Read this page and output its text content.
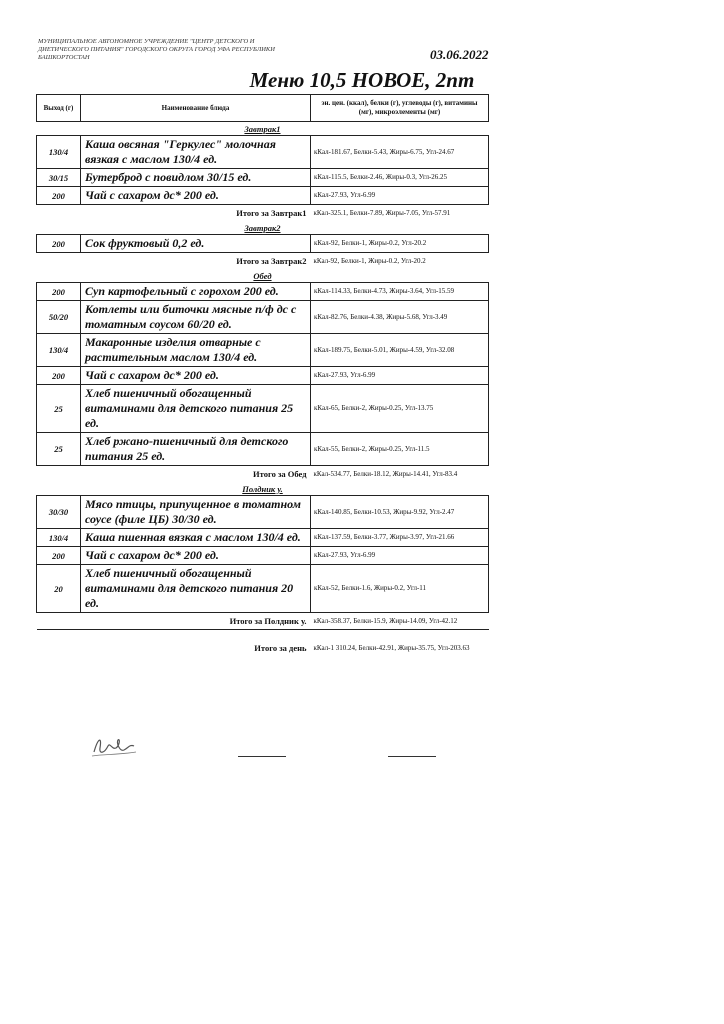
МУНИЦИПАЛЬНОЕ АВТОНОМНОЕ УЧРЕЖДЕНИЕ "ЦЕНТР ДЕТСКОГО И
ДИЕТИЧЕСКОГО ПИТАНИЯ" ГОРОДСКОГО ОКРУГА ГОРОД УФА РЕСПУБЛИКИ
БАШКОРТОСТАН	03.06.2022
Меню 10,5 НОВОЕ, 2пт
Выход (г)	Наименование блюда	эн. цен. (ккал), белки (г), углеводы (г), витамины (мг), микроэлементы (мг)
Завтрак1		
130/4	Каша овсяная "Геркулес" молочная вязкая с маслом 130/4 ед.	кКал-181.67, Белки-5.43, Жиры-6.75, Угл-24.67
30/15	Бутерброд с повидлом 30/15 ед.	кКал-115.5, Белки-2.46, Жиры-0.3, Угл-26.25
200	Чай с сахаром дс* 200 ед.	кКал-27.93, Угл-6.99
Итого за Завтрак1		кКал-325.1, Белки-7.89, Жиры-7.05, Угл-57.91
Завтрак2		
200	Сок фруктовый 0,2 ед.	кКал-92, Белки-1, Жиры-0.2, Угл-20.2
Итого за Завтрак2		кКал-92, Белки-1, Жиры-0.2, Угл-20.2
Обед		
200	Суп картофельный с горохом 200 ед.	кКал-114.33, Белки-4.73, Жиры-3.64, Угл-15.59
50/20	Котлеты или биточки мясные п/ф дс с томатным соусом 60/20 ед.	кКал-82.76, Белки-4.38, Жиры-5.68, Угл-3.49
130/4	Макаронные изделия отварные с растительным маслом 130/4 ед.	кКал-189.75, Белки-5.01, Жиры-4.59, Угл-32.08
200	Чай с сахаром дс* 200 ед.	кКал-27.93, Угл-6.99
25	Хлеб пшеничный обогащенный витаминами для детского питания 25 ед.	кКал-65, Белки-2, Жиры-0.25, Угл-13.75
25	Хлеб ржано-пшеничный для детского питания 25 ед.	кКал-55, Белки-2, Жиры-0.25, Угл-11.5
Итого за Обед		кКал-534.77, Белки-18.12, Жиры-14.41, Угл-83.4
Полдник у.		
30/30	Мясо птицы, припущенное в томатном соусе (филе ЦБ) 30/30 ед.	кКал-140.85, Белки-10.53, Жиры-9.92, Угл-2.47
130/4	Каша пшенная вязкая с маслом 130/4 ед.	кКал-137.59, Белки-3.77, Жиры-3.97, Угл-21.66
200	Чай с сахаром дс* 200 ед.	кКал-27.93, Угл-6.99
20	Хлеб пшеничный обогащенный витаминами для детского питания 20 ед.	кКал-52, Белки-1.6, Жиры-0.2, Угл-11
Итого за Полдник у.		кКал-358.37, Белки-15.9, Жиры-14.09, Угл-42.12

Итого за день		кКал-1 310.24, Белки-42.91, Жиры-35.75, Угл-203.63
